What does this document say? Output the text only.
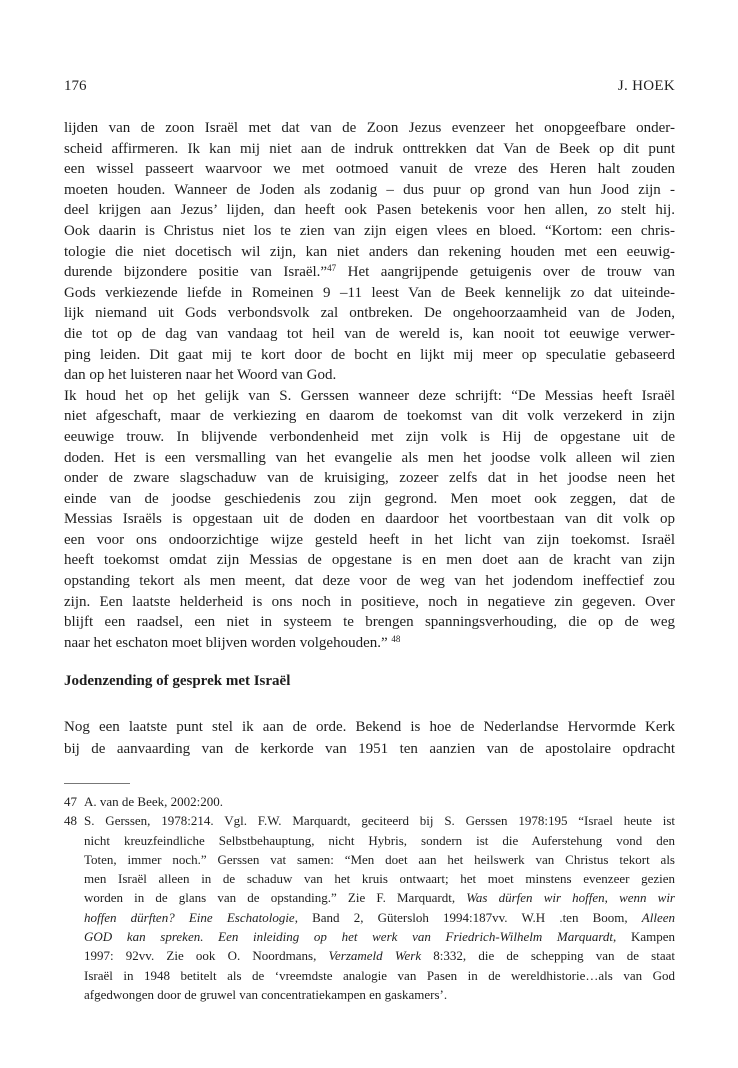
176	J. HOEK
lijden van de zoon Israël met dat van de Zoon Jezus evenzeer het onopgeefbare onder-
scheid affirmeren. Ik kan mij niet aan de indruk onttrekken dat Van de Beek op dit punt
een wissel passeert waarvoor we met ootmoed vanuit de vreze des Heren halt zouden
moeten houden. Wanneer de Joden als zodanig – dus puur op grond van hun Jood zijn -
deel krijgen aan Jezus’ lijden, dan heeft ook Pasen betekenis voor hen allen, zo stelt hij.
Ook daarin is Christus niet los te zien van zijn eigen vlees en bloed. “Kortom: een chris-
tologie die niet docetisch wil zijn, kan niet anders dan rekening houden met een eeuwig-
durende bijzondere positie van Israël.”$^{47}$ Het aangrijpende getuigenis over de trouw van
Gods verkiezende liefde in Romeinen 9 –11 leest Van de Beek kennelijk zo dat uiteinde-
lijk niemand uit Gods verbondsvolk zal ontbreken. De ongehoorzaamheid van de Joden,
die tot op de dag van vandaag tot heil van de wereld is, kan nooit tot eeuwige verwer-
ping leiden. Dit gaat mij te kort door de bocht en lijkt mij meer op speculatie gebaseerd
dan op het luisteren naar het Woord van God.
Ik houd het op het gelijk van S. Gerssen wanneer deze schrijft: “De Messias heeft Israël
niet afgeschaft, maar de verkiezing en daarom de toekomst van dit volk verzekerd in zijn
eeuwige trouw. In blijvende verbondenheid met zijn volk is Hij de opgestane uit de
doden. Het is een versmalling van het evangelie als men het joodse volk alleen wil zien
onder de zware slagschaduw van de kruisiging, zozeer zelfs dat in het joodse neen het
einde van de joodse geschiedenis zou zijn gegrond. Men moet ook zeggen, dat de
Messias Israëls is opgestaan uit de doden en daardoor het voortbestaan van dit volk op
een voor ons ondoorzichtige wijze gesteld heeft in het licht van zijn toekomst. Israël
heeft toekomst omdat zijn Messias de opgestane is en men doet aan de kracht van zijn
opstanding tekort als men meent, dat deze voor de weg van het jodendom ineffectief zou
zijn. Een laatste helderheid is ons noch in positieve, noch in negatieve zin gegeven. Over
blijft een raadsel, een niet in systeem te brengen spanningsverhouding, die op de weg
naar het eschaton moet blijven worden volgehouden.” $^{48}$
Jodenzending of gesprek met Israël
Nog een laatste punt stel ik aan de orde. Bekend is hoe de Nederlandse Hervormde Kerk
bij de aanvaarding van de kerkorde van 1951 ten aanzien van de apostolaire opdracht
47 A. van de Beek, 2002:200.
48 S. Gerssen, 1978:214. Vgl. F.W. Marquardt, geciteerd bij S. Gerssen 1978:195 “Israel heute ist
nicht kreuzfeindliche Selbstbehauptung, nicht Hybris, sondern ist die Auferstehung vond den
Toten, immer noch.” Gerssen vat samen: “Men doet aan het heilswerk van Christus tekort als
men Israël alleen in de schaduw van het kruis ontwaart; het moet minstens evenzeer gezien
worden in de glans van de opstanding.” Zie F. Marquardt, Was dürfen wir hoffen, wenn wir
hoffen dürften? Eine Eschatologie, Band 2, Gütersloh 1994:187vv. W.H .ten Boom, Alleen
GOD kan spreken. Een inleiding op het werk van Friedrich-Wilhelm Marquardt, Kampen
1997: 92vv. Zie ook O. Noordmans, Verzameld Werk 8:332, die de schepping van de staat
Israël in 1948 betitelt als de ‘vreemdste analogie van Pasen in de wereldhistorie…als van God
afgedwongen door de gruwel van concentratiekampen en gaskamers’.
